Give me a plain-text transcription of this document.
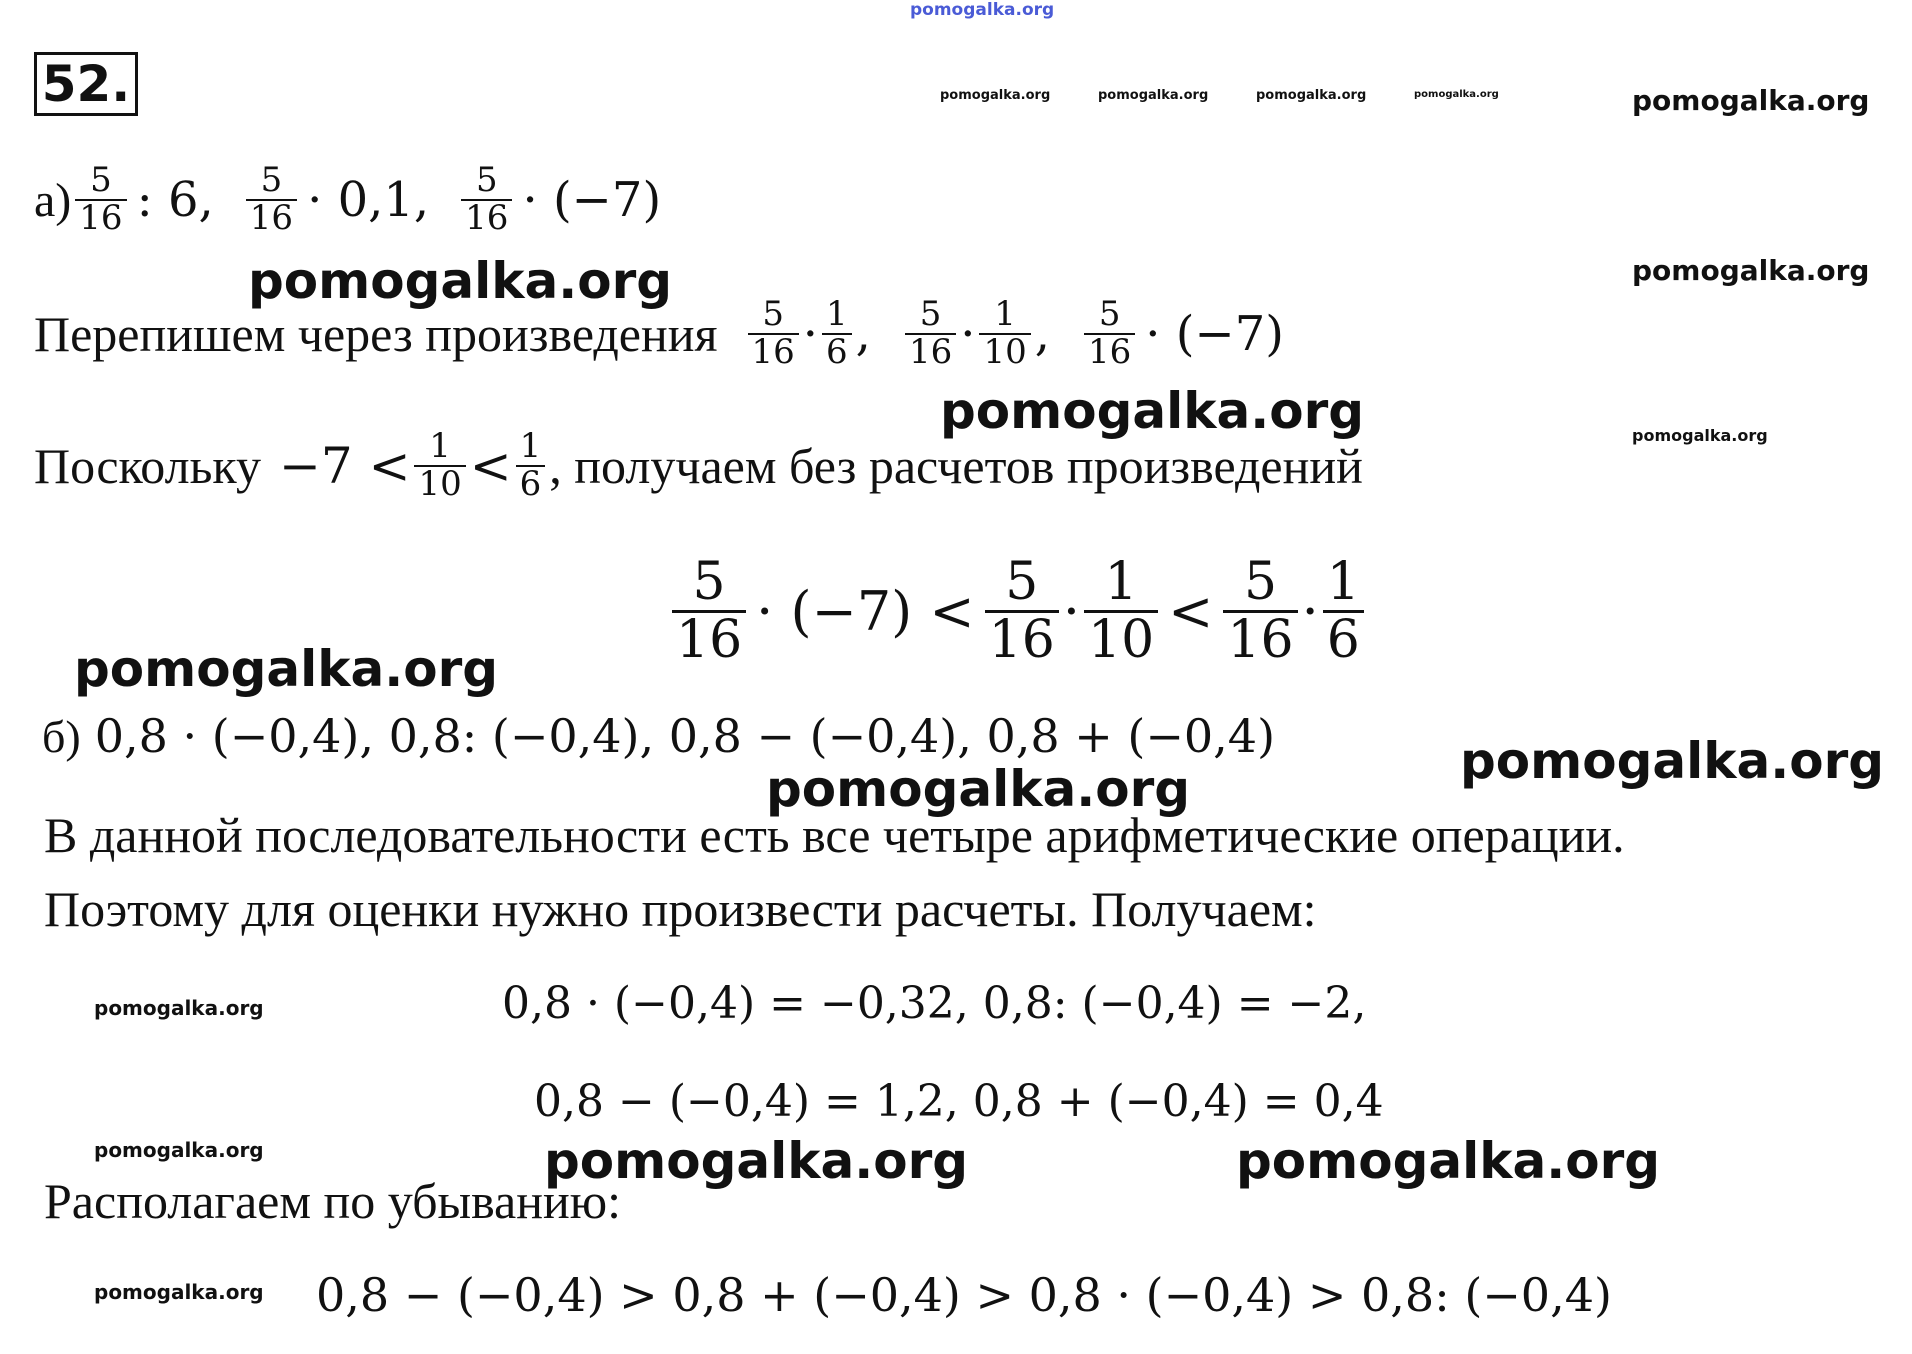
52.
pomogalka.org
pomogalka.org	pomogalka.org	pomogalka.org	pomogalka.org	pomogalka.org
pomogalka.org
pomogalka.org
pomogalka.org
pomogalka.org
pomogalka.org
pomogalka.org
pomogalka.org
pomogalka.org
pomogalka.org
pomogalka.org
pomogalka.org	pomogalka.org
$а) \frac{5}{16}$ : 6, $\frac{5}{16} \cdot 0,1$, $\frac{5}{16} \cdot (-7)$
Перепишем через произведения $\frac{5}{16} \cdot \frac{1}{6}$ , $\frac{5}{16} \cdot \frac{1}{10}$ , $\frac{5}{16} \cdot (-7)$
Поскольку $-7 < \frac{1}{10} < \frac{1}{6}$ , получаем без расчетов произведений
$\frac{5}{16} \cdot (-7) < \frac{5}{16} \cdot \frac{1}{10} < \frac{5}{16} \cdot \frac{1}{6}$
б) 0,8 · (−0,4), 0,8: (−0,4), 0,8 − (−0,4), 0,8 + (−0,4)
В данной последовательности есть все четыре арифметические операции.
Поэтому для оценки нужно произвести расчеты. Получаем:
0,8 · (−0,4) = −0,32, 0,8: (−0,4) = −2,
0,8 − (−0,4) = 1,2, 0,8 + (−0,4) = 0,4
Располагаем по убыванию:
0,8 − (−0,4) > 0,8 + (−0,4) > 0,8 · (−0,4) > 0,8: (−0,4)
